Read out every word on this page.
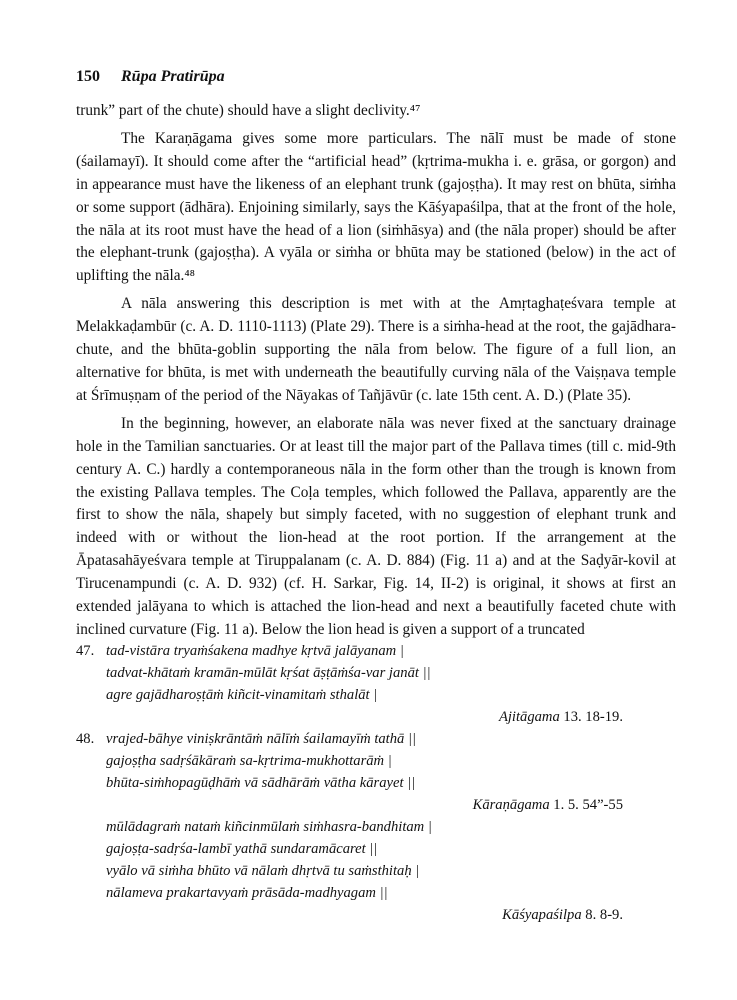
150 Rūpa Pratirūpa

trunk” part of the chute) should have a slight declivity.⁴⁷

The Karaṇāgama gives some more particulars. The nālī must be made of stone (śailamayī). It should come after the “artificial head” (kṛtrima-mukha i. e. grāsa, or gorgon) and in appearance must have the likeness of an elephant trunk (gajoṣṭha). It may rest on bhūta, siṁha or some support (ādhāra). Enjoining similarly, says the Kāśyapaśilpa, that at the front of the hole, the nāla at its root must have the head of a lion (siṁhāsya) and (the nāla proper) should be after the elephant-trunk (gajoṣṭha). A vyāla or siṁha or bhūta may be stationed (below) in the act of uplifting the nāla.⁴⁸

A nāla answering this description is met with at the Amṛtaghaṭeśvara temple at Melakkaḍambūr (c. A. D. 1110-1113) (Plate 29). There is a siṁha-head at the root, the gajādhara-chute, and the bhūta-goblin supporting the nāla from below. The figure of a full lion, an alternative for bhūta, is met with underneath the beautifully curving nāla of the Vaiṣṇava temple at Śrīmuṣṇam of the period of the Nāyakas of Tañjāvūr (c. late 15th cent. A. D.) (Plate 35).

In the beginning, however, an elaborate nāla was never fixed at the sanctuary drainage hole in the Tamilian sanctuaries. Or at least till the major part of the Pallava times (till c. mid-9th century A. C.) hardly a contemporaneous nāla in the form other than the trough is known from the existing Pallava temples. The Coḷa temples, which followed the Pallava, apparently are the first to show the nāla, shapely but simply faceted, with no suggestion of elephant trunk and indeed with or without the lion-head at the root portion. If the arrangement at the Āpatasahāyeśvara temple at Tiruppalanam (c. A. D. 884) (Fig. 11 a) and at the Saḍyār-kovil at Tirucenampundi (c. A. D. 932) (cf. H. Sarkar, Fig. 14, II-2) is original, it shows at first an extended jalāyana to which is attached the lion-head and next a beautifully faceted chute with inclined curvature (Fig. 11 a). Below the lion head is given a support of a truncated

47. tad-vistāra tryaṁśakena madhye kṛtvā jalāyanam |
tadvat-khātaṁ kramān-mūlāt kṛśat āṣṭāṁśa-var janāt ||
agre gajādharoṣṭāṁ kiñcit-vinamitaṁ sthalāt |
Ajitāgama 13. 18-19.
48. vrajed-bāhye viniṣkrāntāṁ nālīṁ śailamayīṁ tathā ||
gajoṣṭha sadṛśākāraṁ sa-kṛtrima-mukhottarāṁ |
bhūta-siṁhopagūḍhāṁ vā sādhārāṁ vātha kārayet ||
Kāraṇāgama 1. 5. 54”-55
mūlādagraṁ nataṁ kiñcinmūlaṁ siṁhasra-bandhitam |
gajoṣṭa-sadṛśa-lambī yathā sundaramācaret ||
vyālo vā siṁha bhūto vā nālaṁ dhṛtvā tu saṁsthitaḥ |
nālameva prakartavyaṁ prāsāda-madhyagam ||
Kāśyapaśilpa 8. 8-9.
